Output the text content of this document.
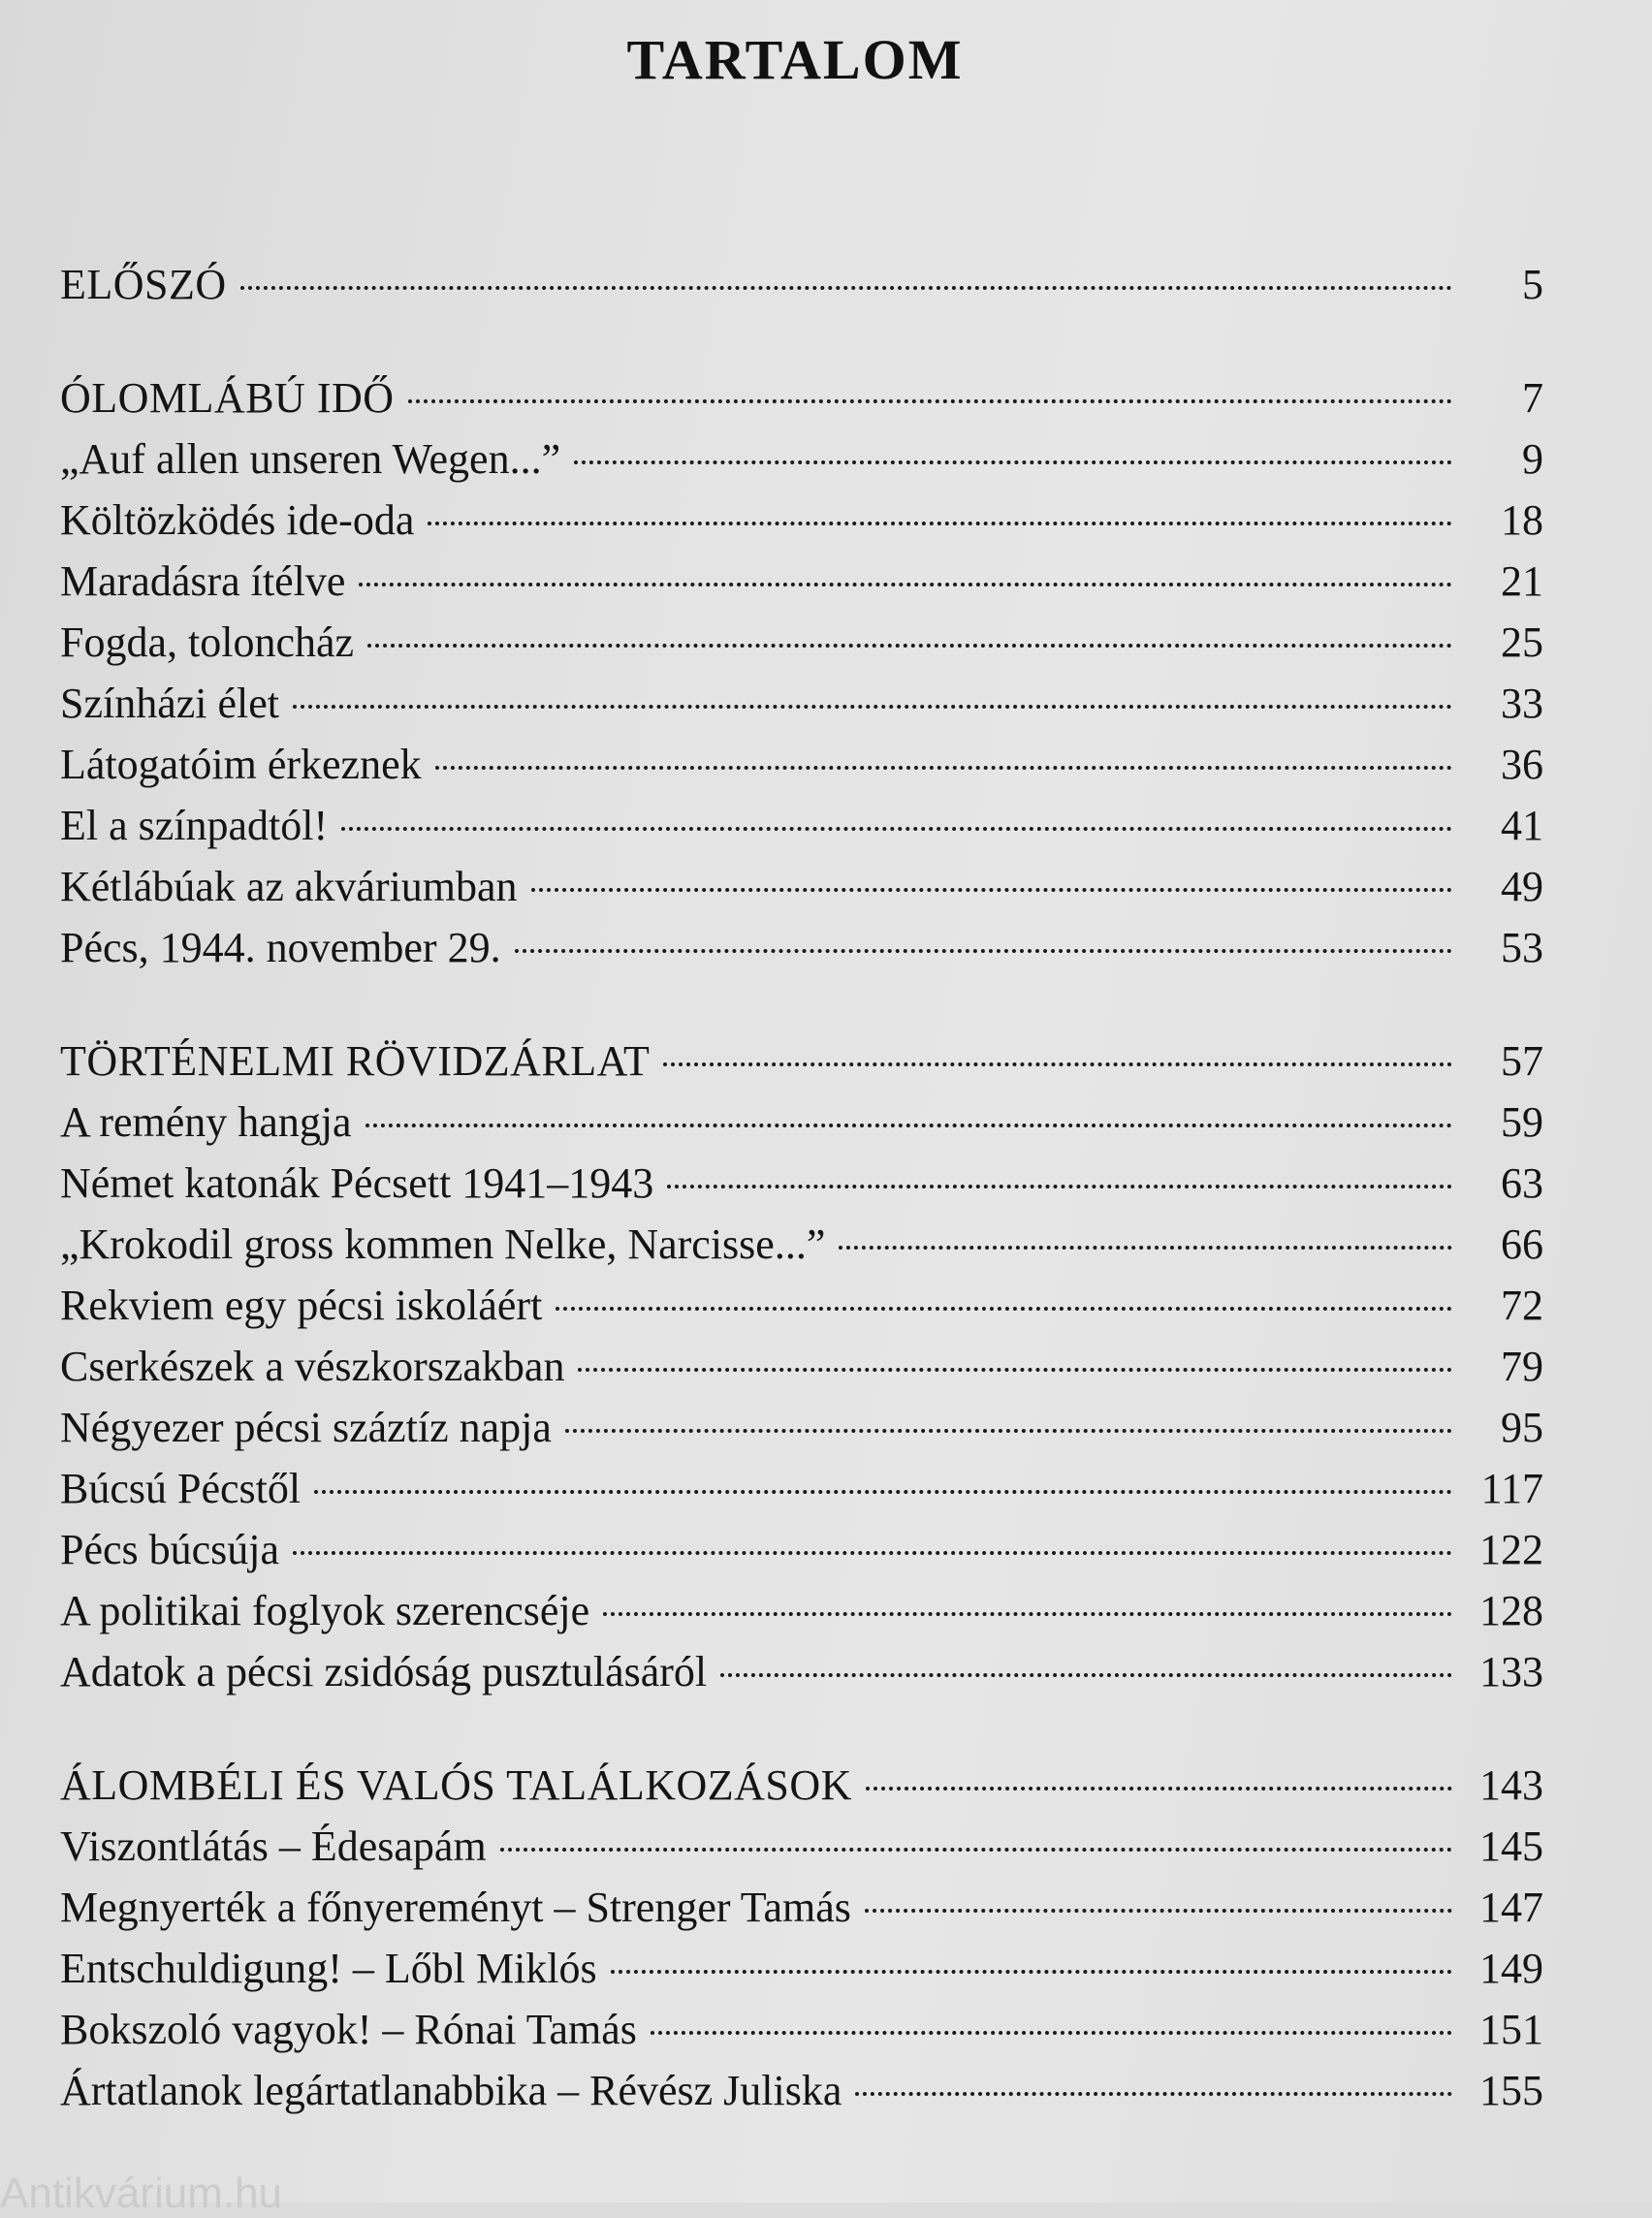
TARTALOM
ELŐSZÓ	5
ÓLOMLÁBÚ IDŐ	7
„Auf allen unseren Wegen...”	9
Költözködés ide-oda	18
Maradásra ítélve	21
Fogda, toloncház	25
Színházi élet	33
Látogatóim érkeznek	36
El a színpadtól!	41
Kétlábúak az akváriumban	49
Pécs, 1944. november 29.	53
TÖRTÉNELMI RÖVIDZÁRLAT	57
A remény hangja	59
Német katonák Pécsett 1941–1943	63
„Krokodil gross kommen Nelke, Narcisse...”	66
Rekviem egy pécsi iskoláért	72
Cserkészek a vészkorszakban	79
Négyezer pécsi száztíz napja	95
Búcsú Pécstől	117
Pécs búcsúja	122
A politikai foglyok szerencséje	128
Adatok a pécsi zsidóság pusztulásáról	133
ÁLOMBÉLI ÉS VALÓS TALÁLKOZÁSOK	143
Viszontlátás – Édesapám	145
Megnyerték a főnyereményt – Strenger Tamás	147
Entschuldigung! – Lőbl Miklós	149
Bokszoló vagyok! – Rónai Tamás	151
Ártatlanok legártatlanabbika – Révész Juliska	155
Antikvárium.hu
